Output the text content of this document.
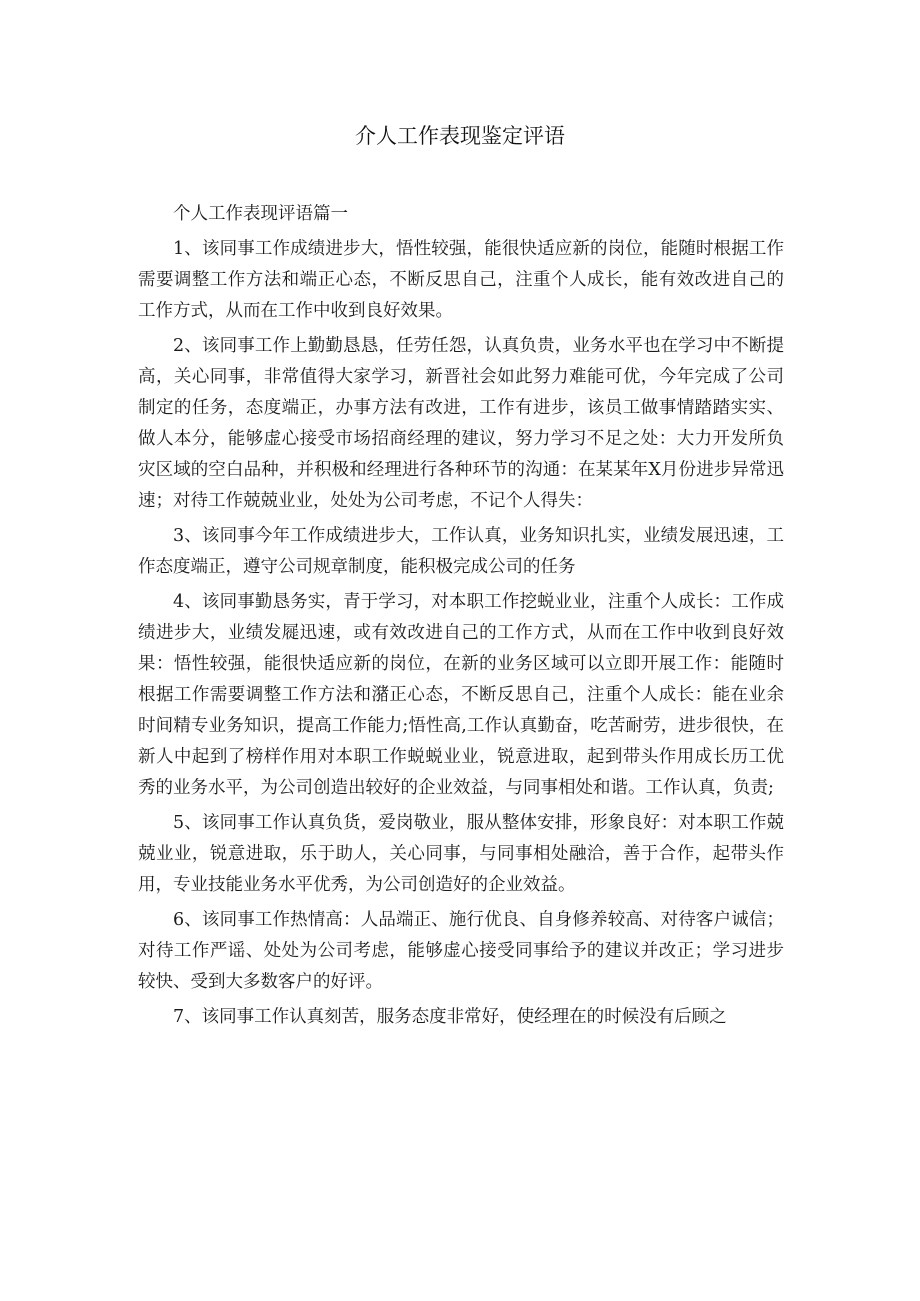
介人工作表现鉴定评语

个人工作表现评语篇一

1、该同事工作成绩进步大，悟性较强，能很快适应新的岗位，能随时根据工作需要调整工作方法和端正心态，不断反思自己，注重个人成长，能有效改进自己的工作方式，从而在工作中收到良好效果。

2、该同事工作上勤勤恳恳，任劳任怨，认真负贵，业务水平也在学习中不断提高，关心同事，非常值得大家学习，新晋社会如此努力难能可优，今年完成了公司制定的任务，态度端正，办事方法有改进，工作有进步，该员工做事情踏踏实实、做人本分，能够虚心接受市场招商经理的建议，努力学习不足之处：大力开发所负灾区域的空白品种，并积极和经理进行各种环节的沟通：在某某年X月份进步异常迅速；对待工作兢兢业业，处处为公司考虑，不记个人得失：

3、该同事今年工作成绩进步大，工作认真，业务知识扎实，业绩发展迅速，工作态度端正，遵守公司规章制度，能积极完成公司的任务

4、该同事勤恳务实，青于学习，对本职工作挖蜕业业，注重个人成长：工作成绩进步大，业绩发屣迅速，或有效改进自己的工作方式，从而在工作中收到良好效果：悟性较强，能很快适应新的岗位，在新的业务区域可以立即开展工作：能随时根据工作需要调整工作方法和潴正心态，不断反思自己，注重个人成长：能在业余时间精专业务知识，提高工作能力;悟性高,工作认真勤奋，吃苦耐劳，进步很快，在新人中起到了榜样作用对本职工作蜕蜕业业，锐意进取，起到带头作用成长历工优秀的业务水平，为公司创造出较好的企业效益，与同事相处和谐。工作认真，负责;

5、该同事工作认真负货，爱岗敬业，服从整体安排，形象良好：对本职工作兢兢业业，锐意进取，乐于助人，关心同事，与同事相处融洽，善于合作，起带头作用，专业技能业务水平优秀，为公司创造好的企业效益。

6、该同事工作热情高：人品端正、施行优良、自身修养较高、对待客户诚信；对待工作严谣、处处为公司考虑，能够虚心接受同事给予的建议并改正；学习进步较快、受到大多数客户的好评。

7、该同事工作认真刻苦，服务态度非常好，使经理在的时候没有后顾之
